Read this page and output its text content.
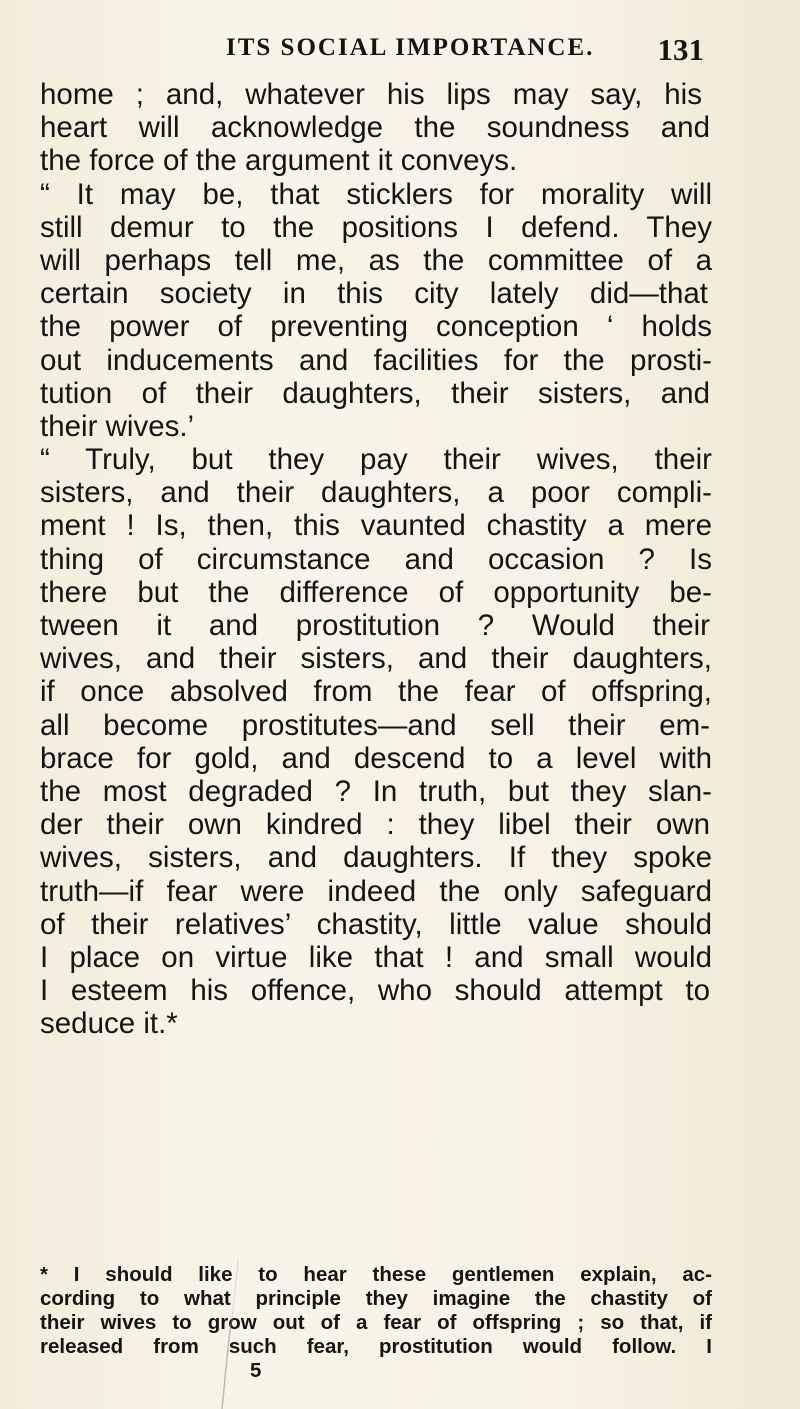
ITS SOCIAL IMPORTANCE. 131
home ; and, whatever his lips may say, his
heart will acknowledge the soundness and
the force of the argument it conveys.
“ It may be, that sticklers for morality will
still demur to the positions I defend. They
will perhaps tell me, as the committee of a
certain society in this city lately did—that
the power of preventing conception ‘ holds
out inducements and facilities for the prosti-
tution of their daughters, their sisters, and
their wives.’
“ Truly, but they pay their wives, their
sisters, and their daughters, a poor compli-
ment ! Is, then, this vaunted chastity a mere
thing of circumstance and occasion ? Is
there but the difference of opportunity be-
tween it and prostitution ? Would their
wives, and their sisters, and their daughters,
if once absolved from the fear of offspring,
all become prostitutes—and sell their em-
brace for gold, and descend to a level with
the most degraded ? In truth, but they slan-
der their own kindred : they libel their own
wives, sisters, and daughters. If they spoke
truth—if fear were indeed the only safeguard
of their relatives’ chastity, little value should
I place on virtue like that ! and small would
I esteem his offence, who should attempt to
seduce it.*
* I should like to hear these gentlemen explain, ac-
cording to what principle they imagine the chastity of
their wives to grow out of a fear of offspring ; so that, if
released from such fear, prostitution would follow. I
5
